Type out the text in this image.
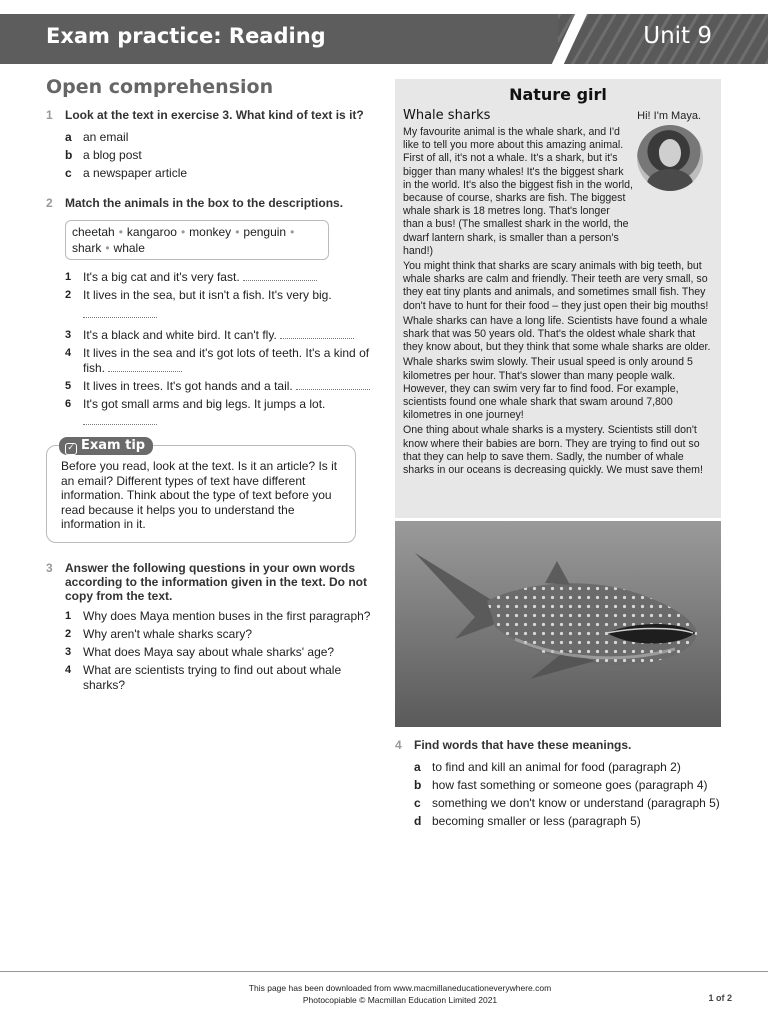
Exam practice: Reading	Unit 9
Open comprehension
1 Look at the text in exercise 3. What kind of text is it?
a an email
b a blog post
c a newspaper article
2 Match the animals in the box to the descriptions.
cheetah • kangaroo • monkey • penguin •
shark • whale
1 It's a big cat and it's very fast.
2 It lives in the sea, but it isn't a fish. It's very big.

3 It's a black and white bird. It can't fly.
4 It lives in the sea and it's got lots of teeth. It's a kind of fish.
5 It lives in trees. It's got hands and a tail.
6 It's got small arms and big legs. It jumps a lot.

✓ Exam tip
Before you read, look at the text. Is it an article? Is it an email? Different types of text have different information. Think about the type of text before you read because it helps you to understand the information in it.
3 Answer the following questions in your own words according to the information given in the text. Do not copy from the text.
1 Why does Maya mention buses in the first paragraph?
2 Why aren't whale sharks scary?
3 What does Maya say about whale sharks' age?
4 What are scientists trying to find out about whale sharks?
Nature girl
Whale sharks	Hi! I'm Maya.
My favourite animal is the whale shark, and I'd like to tell you more about this amazing animal. First of all, it's not a whale. It's a shark, but it's bigger than many whales! It's the biggest shark in the world. It's also the biggest fish in the world, because of course, sharks are fish. The biggest whale shark is 18 metres long. That's longer than a bus! (The smallest shark in the world, the dwarf lantern shark, is smaller than a person's hand!)
You might think that sharks are scary animals with big teeth, but whale sharks are calm and friendly. Their teeth are very small, so they eat tiny plants and animals, and sometimes small fish. They don't have to hunt for their food – they just open their big mouths!
Whale sharks can have a long life. Scientists have found a whale shark that was 50 years old. That's the oldest whale shark that they know about, but they think that some whale sharks are older.
Whale sharks swim slowly. Their usual speed is only around 5 kilometres per hour. That's slower than many people walk. However, they can swim very far to find food. For example, scientists found one whale shark that swam around 7,800 kilometres in one journey!
One thing about whale sharks is a mystery. Scientists still don't know where their babies are born. They are trying to find out so that they can help to save them. Sadly, the number of whale sharks in our oceans is decreasing quickly. We must save them!
4 Find words that have these meanings.
a to find and kill an animal for food (paragraph 2)
b how fast something or someone goes (paragraph 4)
c something we don't know or understand (paragraph 5)
d becoming smaller or less (paragraph 5)
This page has been downloaded from www.macmillaneducationeverywhere.com
Photocopiable © Macmillan Education Limited 2021	1 of 2
